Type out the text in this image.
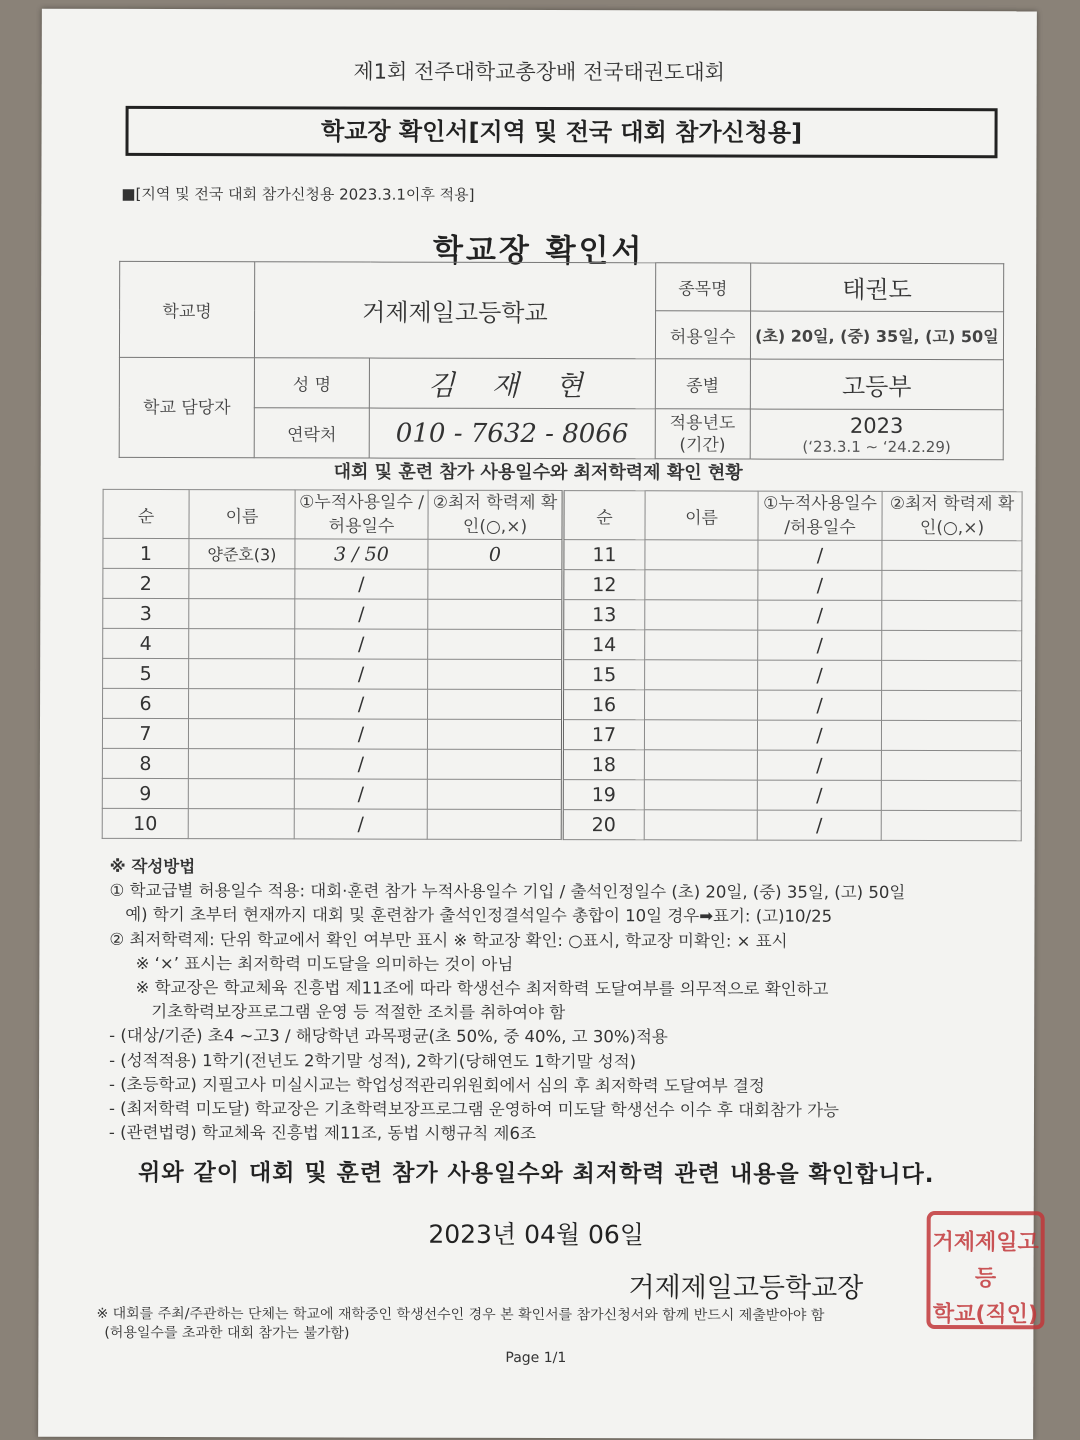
제1회 전주대학교총장배 전국태권도대회
학교장 확인서[지역 및 전국 대회 참가신청용]
■[지역 및 전국 대회 참가신청용 2023.3.1이후 적용]
학교장 확인서
학교명	거제제일고등학교		종목명	태권도
			허용일수	(초) 20일, (중) 35일, (고) 50일
학교 담당자	성 명	김 재 현	종별	고등부
	연락처	010 - 7632 - 8066	적용년도 (기간)	2023
(‘23.3.1 ~ ‘24.2.29)
대회 및 훈련 참가 사용일수와 최저학력제 확인 현황
순	이름	①누적사용일수 /허용일수	②최저 학력제 확인(○,×)	순	이름	①누적사용일수 /허용일수	②최저 학력제 확인(○,×)

1	양준호(3)	3 / 50	0	11		/	
2		/		12		/	
3		/		13		/	
4		/		14		/	
5		/		15		/	
6		/		16		/	
7		/		17		/	
8		/		18		/	
9		/		19		/	
10		/		20		/	
※ 작성방법
① 학교급별 허용일수 적용: 대회·훈련 참가 누적사용일수 기입 / 출석인정일수 (초) 20일, (중) 35일, (고) 50일
예) 학기 초부터 현재까지 대회 및 훈련참가 출석인정결석일수 총합이 10일 경우➡표기: (고)10/25
② 최저학력제: 단위 학교에서 확인 여부만 표시 ※ 학교장 확인: ○표시, 학교장 미확인: × 표시
※ ‘×’ 표시는 최저학력 미도달을 의미하는 것이 아님
※ 학교장은 학교체육 진흥법 제11조에 따라 학생선수 최저학력 도달여부를 의무적으로 확인하고
기초학력보장프로그램 운영 등 적절한 조치를 취하여야 함
- (대상/기준) 초4 ~고3 / 해당학년 과목평균(초 50%, 중 40%, 고 30%)적용
- (성적적용) 1학기(전년도 2학기말 성적), 2학기(당해연도 1학기말 성적)
- (초등학교) 지필고사 미실시교는 학업성적관리위원회에서 심의 후 최저학력 도달여부 결정
- (최저학력 미도달) 학교장은 기초학력보장프로그램 운영하여 미도달 학생선수 이수 후 대회참가 가능
- (관련법령) 학교체육 진흥법 제11조, 동법 시행규칙 제6조
위와 같이 대회 및 훈련 참가 사용일수와 최저학력 관련 내용을 확인합니다.
2023년 04월 06일
거제제일고등학교장
거제제일고등
학교(직인)
※ 대회를 주최/주관하는 단체는 학교에 재학중인 학생선수인 경우 본 확인서를 참가신청서와 함께 반드시 제출받아야 함
(허용일수를 초과한 대회 참가는 불가함)
Page 1/1
